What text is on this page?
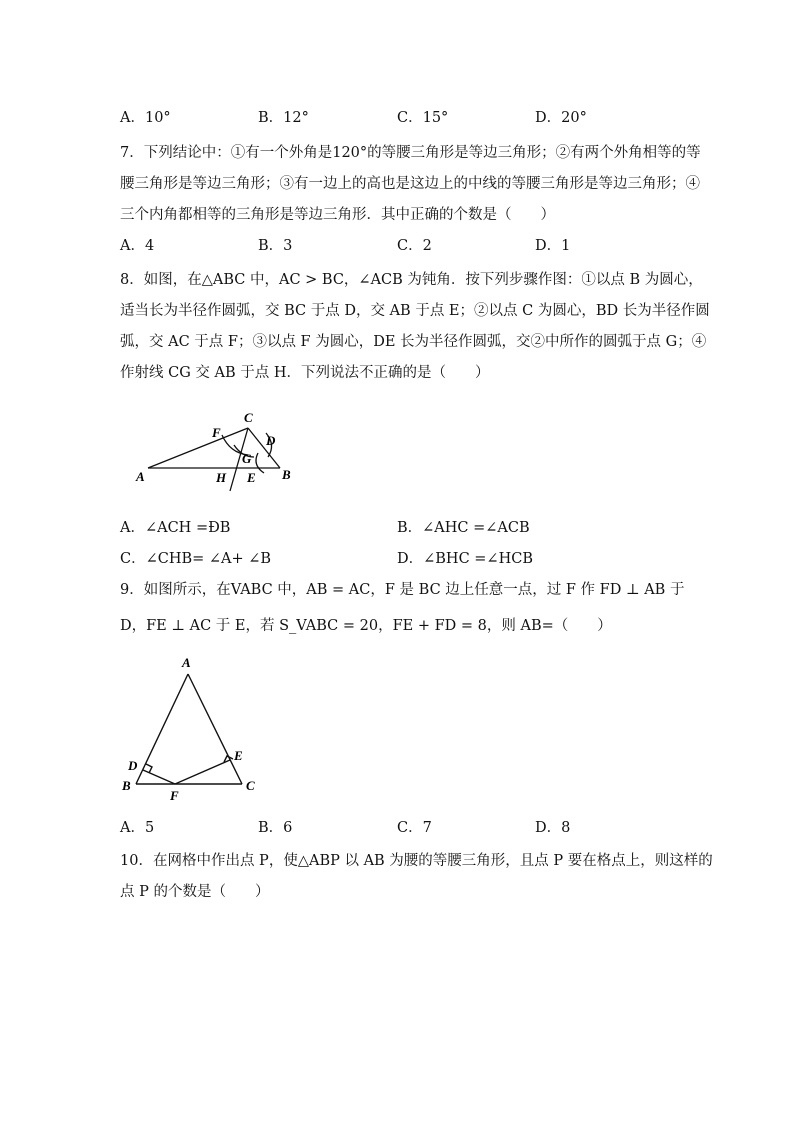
A．10°	B．12°	C．15°	D．20°
7．下列结论中：①有一个外角是120°的等腰三角形是等边三角形；②有两个外角相等的等
腰三角形是等边三角形；③有一边上的高也是这边上的中线的等腰三角形是等边三角形；④
三个内角都相等的三角形是等边三角形．其中正确的个数是（　　）
A．4	B．3	C．2	D．1
8．如图，在△ABC 中，AC > BC，∠ACB 为钝角．按下列步骤作图：①以点 B 为圆心，
适当长为半径作圆弧，交 BC 于点 D，交 AB 于点 E；②以点 C 为圆心，BD 长为半径作圆
弧，交 AC 于点 F；③以点 F 为圆心，DE 长为半径作圆弧，交②中所作的圆弧于点 G；④
作射线 CG 交 AB 于点 H．下列说法不正确的是（　　）
C
F
D
G
A	H E B
A．∠ACH =ÐB	B．∠AHC =∠ACB
C．∠CHB= ∠A+ ∠B	D．∠BHC =∠HCB
9．如图所示，在VABC 中，AB = AC，F 是 BC 边上任意一点，过 F 作 FD ⊥ AB 于
D，FE ⊥ AC 于 E，若 S_VABC = 20，FE + FD = 8，则 AB=（　　）
A
D
E
B
F
C
A．5	B．6	C．7	D．8
10．在网格中作出点 P，使△ABP 以 AB 为腰的等腰三角形，且点 P 要在格点上，则这样的
点 P 的个数是（　　）
